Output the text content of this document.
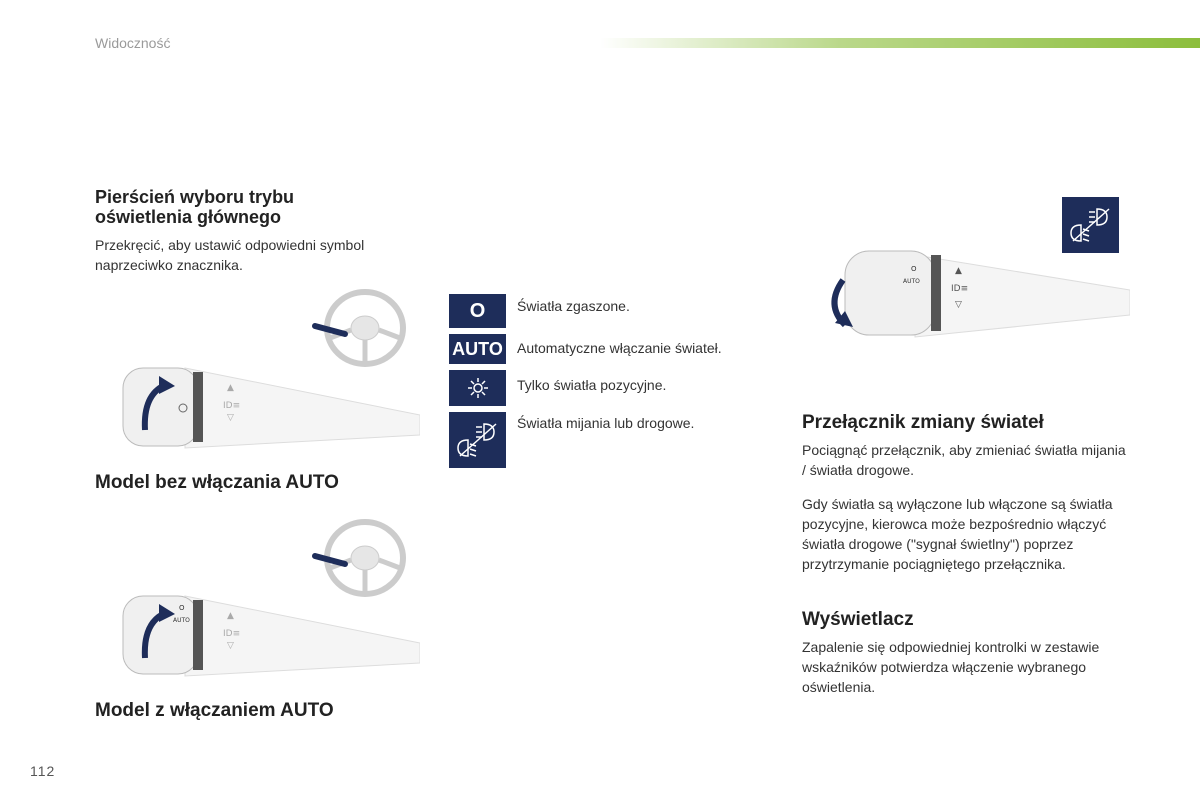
Widoczność
Pierścień wyboru trybu oświetlenia głównego
Przekręcić, aby ustawić odpowiedni symbol naprzeciwko znacznika.
▲
ID≡
▽
Model bez włączania AUTO
O
AUTO	▲
ID≡
▽
Model z włączaniem AUTO
O	Światła zgaszone.
AUTO Automatyczne włączanie świateł.
Tylko światła pozycyjne.
Światła mijania lub drogowe.
O
AUTO
▲
ID≡
▽
Przełącznik zmiany świateł
Pociągnąć przełącznik, aby zmieniać światła mijania / światła drogowe.
Gdy światła są wyłączone lub włączone są światła pozycyjne, kierowca może bezpośrednio włączyć światła drogowe ("sygnał świetlny") poprzez przytrzymanie pociągniętego przełącznika.
Wyświetlacz
Zapalenie się odpowiedniej kontrolki w zestawie wskaźników potwierdza włączenie wybranego oświetlenia.
112
